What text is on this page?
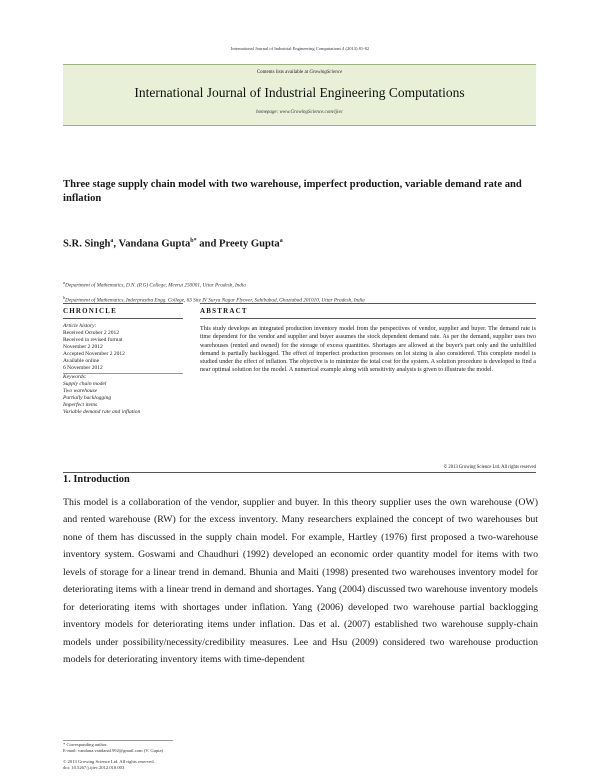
International Journal of Industrial Engineering Computations 4 (2013) 81-82
Contents lists available at GrowingScience
International Journal of Industrial Engineering Computations
homepage: www.GrowingScience.com/ijiec
Three stage supply chain model with two warehouse, imperfect production, variable demand rate and inflation
S.R. Singh$^a$, Vandana Gupta$^{b*}$ and Preety Gupta$^a$
$^a$Department of Mathematics, D.N. (P.G) College, Meerut 250001, Uttar Pradesh, India
$^b$Department of Mathematics, Inderprastha Engg. College, 63 Site IV Surya Nagar Flyover, Sahibabad, Ghaziabad 201010, Uttar Pradesh, India
CHRONICLE	ABSTRACT
Article history:
Received October 2 2012
Received in revised format
November 2 2012
Accepted November 2 2012
Available online
6 November 2012
Keywords:
Supply chain model
Two warehouse
Partially backlogging
Imperfect items
Variable demand rate and inflation
This study develops an integrated production inventory model from the perspectives of vendor, supplier and buyer. The demand rate is time dependent for the vendor and supplier and buyer assumes the stock dependent demand rate. As per the demand, supplier uses two warehouses (rented and owned) for the storage of excess quantities. Shortages are allowed at the buyer's part only and the unfulfilled demand is partially backlogged. The effect of imperfect production processes on lot sizing is also considered. This complete model is studied under the effect of inflation. The objective is to minimize the total cost for the system. A solution procedure is developed to find a near optimal solution for the model. A numerical example along with sensitivity analysis is given to illustrate the model.
© 2013 Growing Science Ltd. All rights reserved
1. Introduction
This model is a collaboration of the vendor, supplier and buyer. In this theory supplier uses the own warehouse (OW) and rented warehouse (RW) for the excess inventory. Many researchers explained the concept of two warehouses but none of them has discussed in the supply chain model. For example, Hartley (1976) first proposed a two-warehouse inventory system. Goswami and Chaudhuri (1992) developed an economic order quantity model for items with two levels of storage for a linear trend in demand. Bhunia and Maiti (1998) presented two warehouses inventory model for deteriorating items with a linear trend in demand and shortages. Yang (2004) discussed two warehouse inventory models for deteriorating items with shortages under inflation. Yang (2006) developed two warehouse partial backlogging inventory models for deteriorating items under inflation. Das et al. (2007) established two warehouse supply-chain models under possibility/necessity/credibility measures. Lee and Hsu (2009) considered two warehouse production models for deteriorating inventory items with time-dependent
* Corresponding author.
E-mail: vandana.vandana1992@gmail.com (V. Gupta)
© 2013 Growing Science Ltd. All rights reserved.
doi: 10.5267/j.ijiec.2012.010.003
